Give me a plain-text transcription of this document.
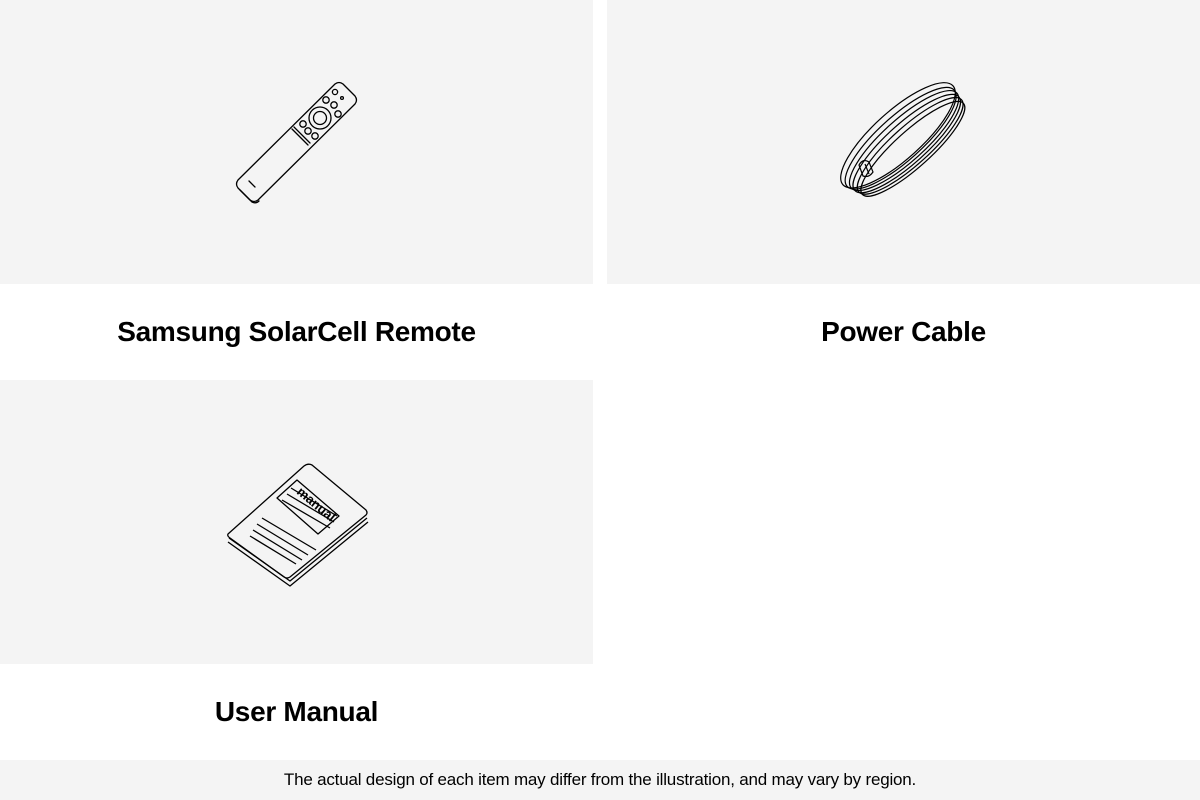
Samsung SolarCell Remote	Power Cable
manual
User Manual
The actual design of each item may differ from the illustration, and may vary by region.
